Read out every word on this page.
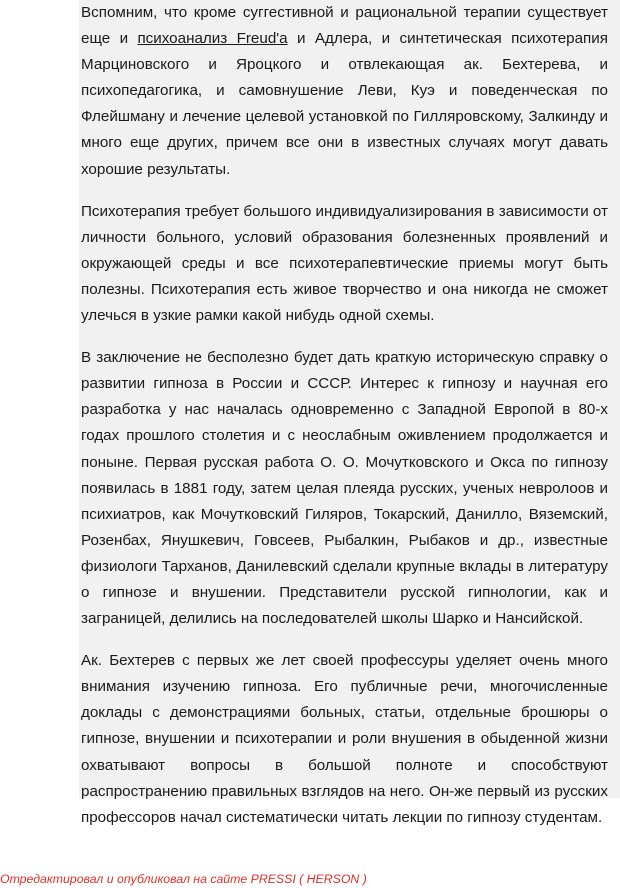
Вспомним, что кроме суггестивной и рациональной терапии существует еще и психоанализ Freud'a и Адлера, и синтетическая психотерапия Марциновского и Яроцкого и отвлекающая ак. Бехтерева, и психопедагогика, и самовнушение Леви, Куэ и поведенческая по Флейшману и лечение целевой установкой по Гилляровскому, Залкинду и много еще других, причем все они в известных случаях могут давать хорошие результаты.

Психотерапия требует большого индивидуализирования в зависимости от личности больного, условий образования болезненных проявлений и окружающей среды и все психотерапевтические приемы могут быть полезны. Психотерапия есть живое творчество и она никогда не сможет улечься в узкие рамки какой нибудь одной схемы.

В заключение не бесполезно будет дать краткую историческую справку о развитии гипноза в России и СССР. Интерес к гипнозу и научная его разработка у нас началась одновременно с Западной Европой в 80-х годах прошлого столетия и с неослабным оживлением продолжается и поныне. Первая русская работа О. О. Мочутковского и Окса по гипнозу появилась в 1881 году, затем целая плеяда русских, ученых невролоов и психиатров, как Мочутковский Гиляров, Токарский, Данилло, Вяземский, Розенбах, Янушкевич, Говсеев, Рыбалкин, Рыбаков и др., известные физиологи Тарханов, Данилевский сделали крупные вклады в литературу о гипнозе и внушении. Представители русской гипнологии, как и заграницей, делились на последователей школы Шарко и Нансийской.

Ак. Бехтерев с первых же лет своей профессуры уделяет очень много внимания изучению гипноза. Его публичные речи, многочисленные доклады с демонстрациями больных, статьи, отдельные брошюры о гипнозе, внушении и психотерапии и роли внушения в обыденной жизни охватывают вопросы в большой полноте и способствуют распространению правильных взглядов на него. Он-же первый из русских профессоров начал систематически читать лекции по гипнозу студентам.

Отредактировал и опубликовал на сайте PRESSI ( HERSON )
